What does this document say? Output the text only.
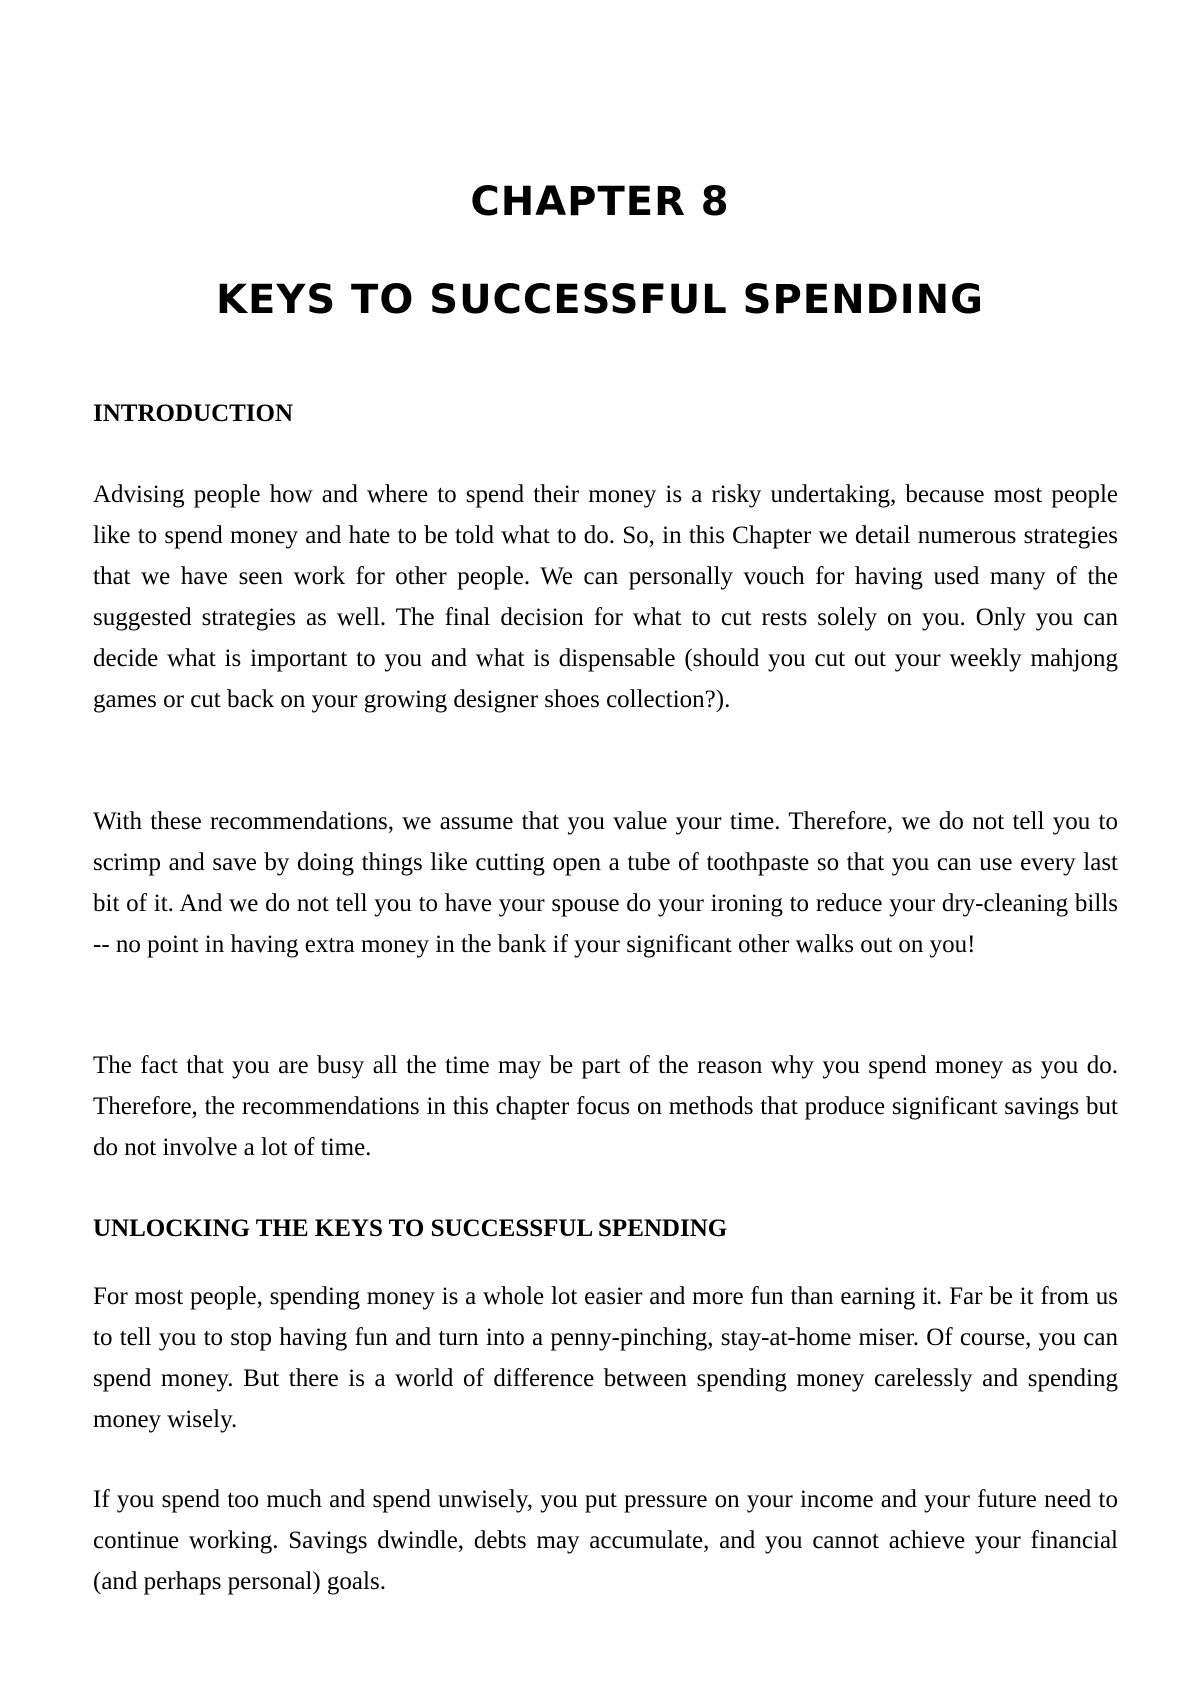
CHAPTER 8
KEYS TO SUCCESSFUL SPENDING
INTRODUCTION

Advising people how and where to spend their money is a risky undertaking, because most people like to spend money and hate to be told what to do. So, in this Chapter we detail numerous strategies that we have seen work for other people. We can personally vouch for having used many of the suggested strategies as well. The final decision for what to cut rests solely on you. Only you can decide what is important to you and what is dispensable (should you cut out your weekly mahjong games or cut back on your growing designer shoes collection?).

With these recommendations, we assume that you value your time. Therefore, we do not tell you to scrimp and save by doing things like cutting open a tube of toothpaste so that you can use every last bit of it. And we do not tell you to have your spouse do your ironing to reduce your dry-cleaning bills -- no point in having extra money in the bank if your significant other walks out on you!

The fact that you are busy all the time may be part of the reason why you spend money as you do. Therefore, the recommendations in this chapter focus on methods that produce significant savings but do not involve a lot of time.

UNLOCKING THE KEYS TO SUCCESSFUL SPENDING

For most people, spending money is a whole lot easier and more fun than earning it. Far be it from us to tell you to stop having fun and turn into a penny-pinching, stay-at-home miser. Of course, you can spend money. But there is a world of difference between spending money carelessly and spending money wisely.

If you spend too much and spend unwisely, you put pressure on your income and your future need to continue working. Savings dwindle, debts may accumulate, and you cannot achieve your financial (and perhaps personal) goals.
